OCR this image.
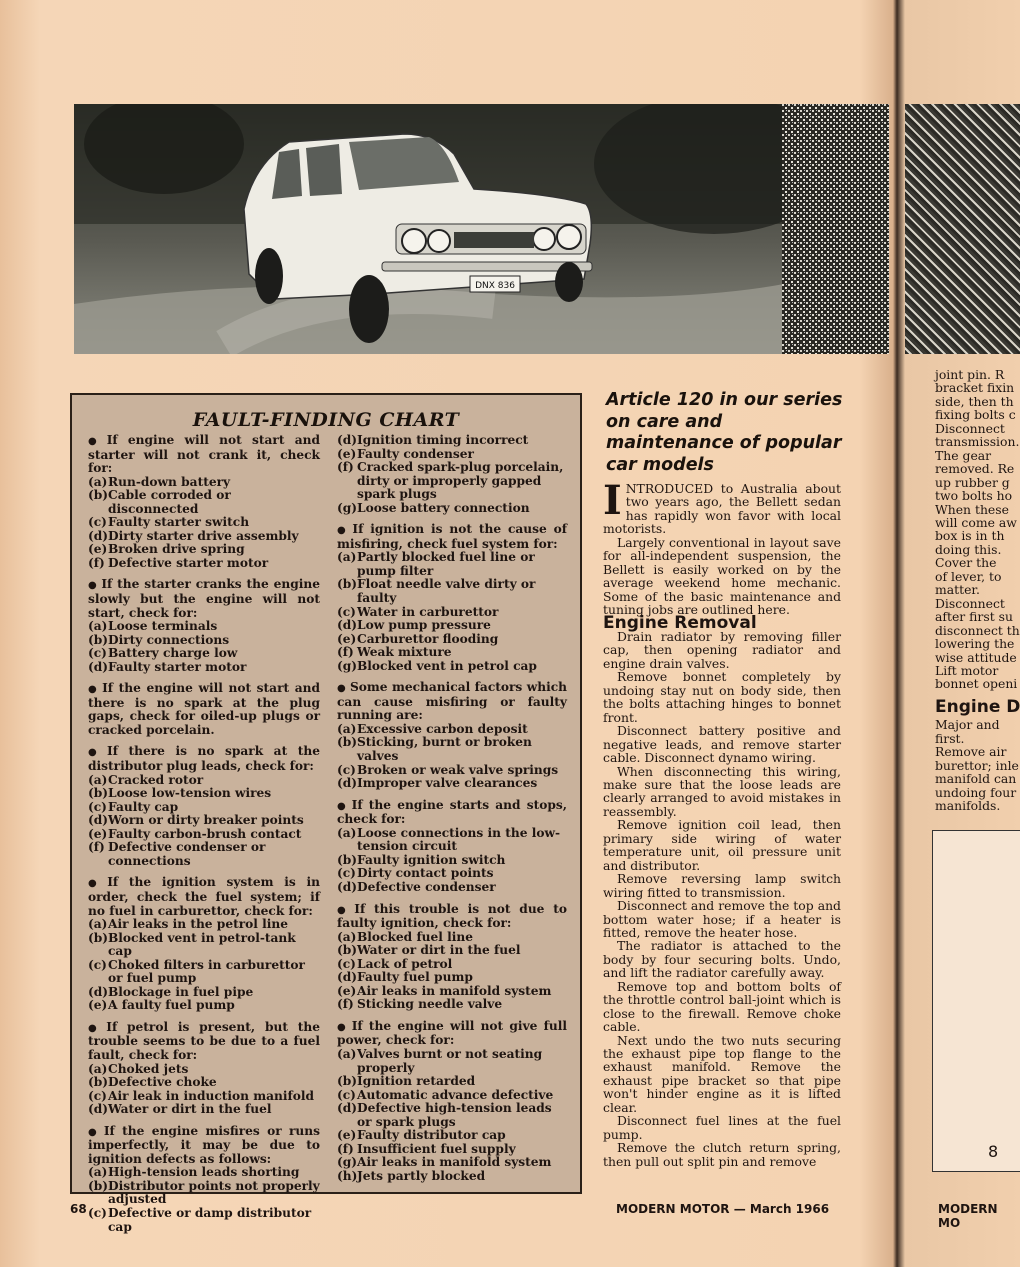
DNX 836
FAULT-FINDING CHART
● If engine will not start and starter will not crank it, check for:
(a) Run-down battery
(b) Cable corroded or disconnected
(c) Faulty starter switch
(d) Dirty starter drive assembly
(e) Broken drive spring
(f) Defective starter motor
● If the starter cranks the engine slowly but the engine will not start, check for:
(a) Loose terminals
(b) Dirty connections
(c) Battery charge low
(d) Faulty starter motor
● If the engine will not start and there is no spark at the plug gaps, check for oiled-up plugs or cracked porcelain.
● If there is no spark at the distributor plug leads, check for:
(a) Cracked rotor
(b) Loose low-tension wires
(c) Faulty cap
(d) Worn or dirty breaker points
(e) Faulty carbon-brush contact
(f) Defective condenser or connections
● If the ignition system is in order, check the fuel system; if no fuel in carburettor, check for:
(a) Air leaks in the petrol line
(b) Blocked vent in petrol-tank cap
(c) Choked filters in carburettor or fuel pump
(d) Blockage in fuel pipe
(e) A faulty fuel pump
● If petrol is present, but the trouble seems to be due to a fuel fault, check for:
(a) Choked jets
(b) Defective choke
(c) Air leak in induction manifold
(d) Water or dirt in the fuel
● If the engine misfires or runs imperfectly, it may be due to ignition defects as follows:
(a) High-tension leads shorting
(b) Distributor points not properly adjusted
(c) Defective or damp distributor cap
(d) Ignition timing incorrect
(e) Faulty condenser
(f) Cracked spark-plug porcelain, dirty or improperly gapped spark plugs
(g) Loose battery connection
● If ignition is not the cause of misfiring, check fuel system for:
(a) Partly blocked fuel line or pump filter
(b) Float needle valve dirty or faulty
(c) Water in carburettor
(d) Low pump pressure
(e) Carburettor flooding
(f) Weak mixture
(g) Blocked vent in petrol cap
● Some mechanical factors which can cause misfiring or faulty running are:
(a) Excessive carbon deposit
(b) Sticking, burnt or broken valves
(c) Broken or weak valve springs
(d) Improper valve clearances
● If the engine starts and stops, check for:
(a) Loose connections in the low-tension circuit
(b) Faulty ignition switch
(c) Dirty contact points
(d) Defective condenser
● If this trouble is not due to faulty ignition, check for:
(a) Blocked fuel line
(b) Water or dirt in the fuel
(c) Lack of petrol
(d) Faulty fuel pump
(e) Air leaks in manifold system
(f) Sticking needle valve
● If the engine will not give full power, check for:
(a) Valves burnt or not seating properly
(b) Ignition retarded
(c) Automatic advance defective
(d) Defective high-tension leads or spark plugs
(e) Faulty distributor cap
(f) Insufficient fuel supply
(g) Air leaks in manifold system
(h) Jets partly blocked
Article 120 in our series on care and maintenance of popular car models

INTRODUCED to Australia about two years ago, the Bellett sedan has rapidly won favor with local motorists.

Largely conventional in layout save for all-independent suspension, the Bellett is easily worked on by the average weekend home mechanic. Some of the basic maintenance and tuning jobs are outlined here.

Engine Removal

Drain radiator by removing filler cap, then opening radiator and engine drain valves.

Remove bonnet completely by undoing stay nut on body side, then the bolts attaching hinges to bonnet front.

Disconnect battery positive and negative leads, and remove starter cable. Disconnect dynamo wiring.

When disconnecting this wiring, make sure that the loose leads are clearly arranged to avoid mistakes in reassembly.

Remove ignition coil lead, then primary side wiring of water temperature unit, oil pressure unit and distributor.

Remove reversing lamp switch wiring fitted to transmission.

Disconnect and remove the top and bottom water hose; if a heater is fitted, remove the heater hose.

The radiator is attached to the body by four securing bolts. Undo, and lift the radiator carefully away.

Remove top and bottom bolts of the throttle control ball-joint which is close to the firewall. Remove choke cable.

Next undo the two nuts securing the exhaust pipe top flange to the exhaust manifold. Remove the exhaust pipe bracket so that pipe won't hinder engine as it is lifted clear.

Disconnect fuel lines at the fuel pump.

Remove the clutch return spring, then pull out split pin and remove

68	MODERN MOTOR — March 1966

joint pin. R

bracket fixin

side, then th

fixing bolts c

Disconnect

transmission.

The gear

removed. Re

up rubber g

two bolts ho

When these

will come aw

box is in th

doing this.

Cover the

of lever, to

matter.

Disconnect

after first su

disconnect th

lowering the

wise attitude

Lift motor

bonnet openi

Engine D

Major and

first.

Remove air

burettor; inle

manifold can

undoing four

manifolds.

8
MODERN MO
